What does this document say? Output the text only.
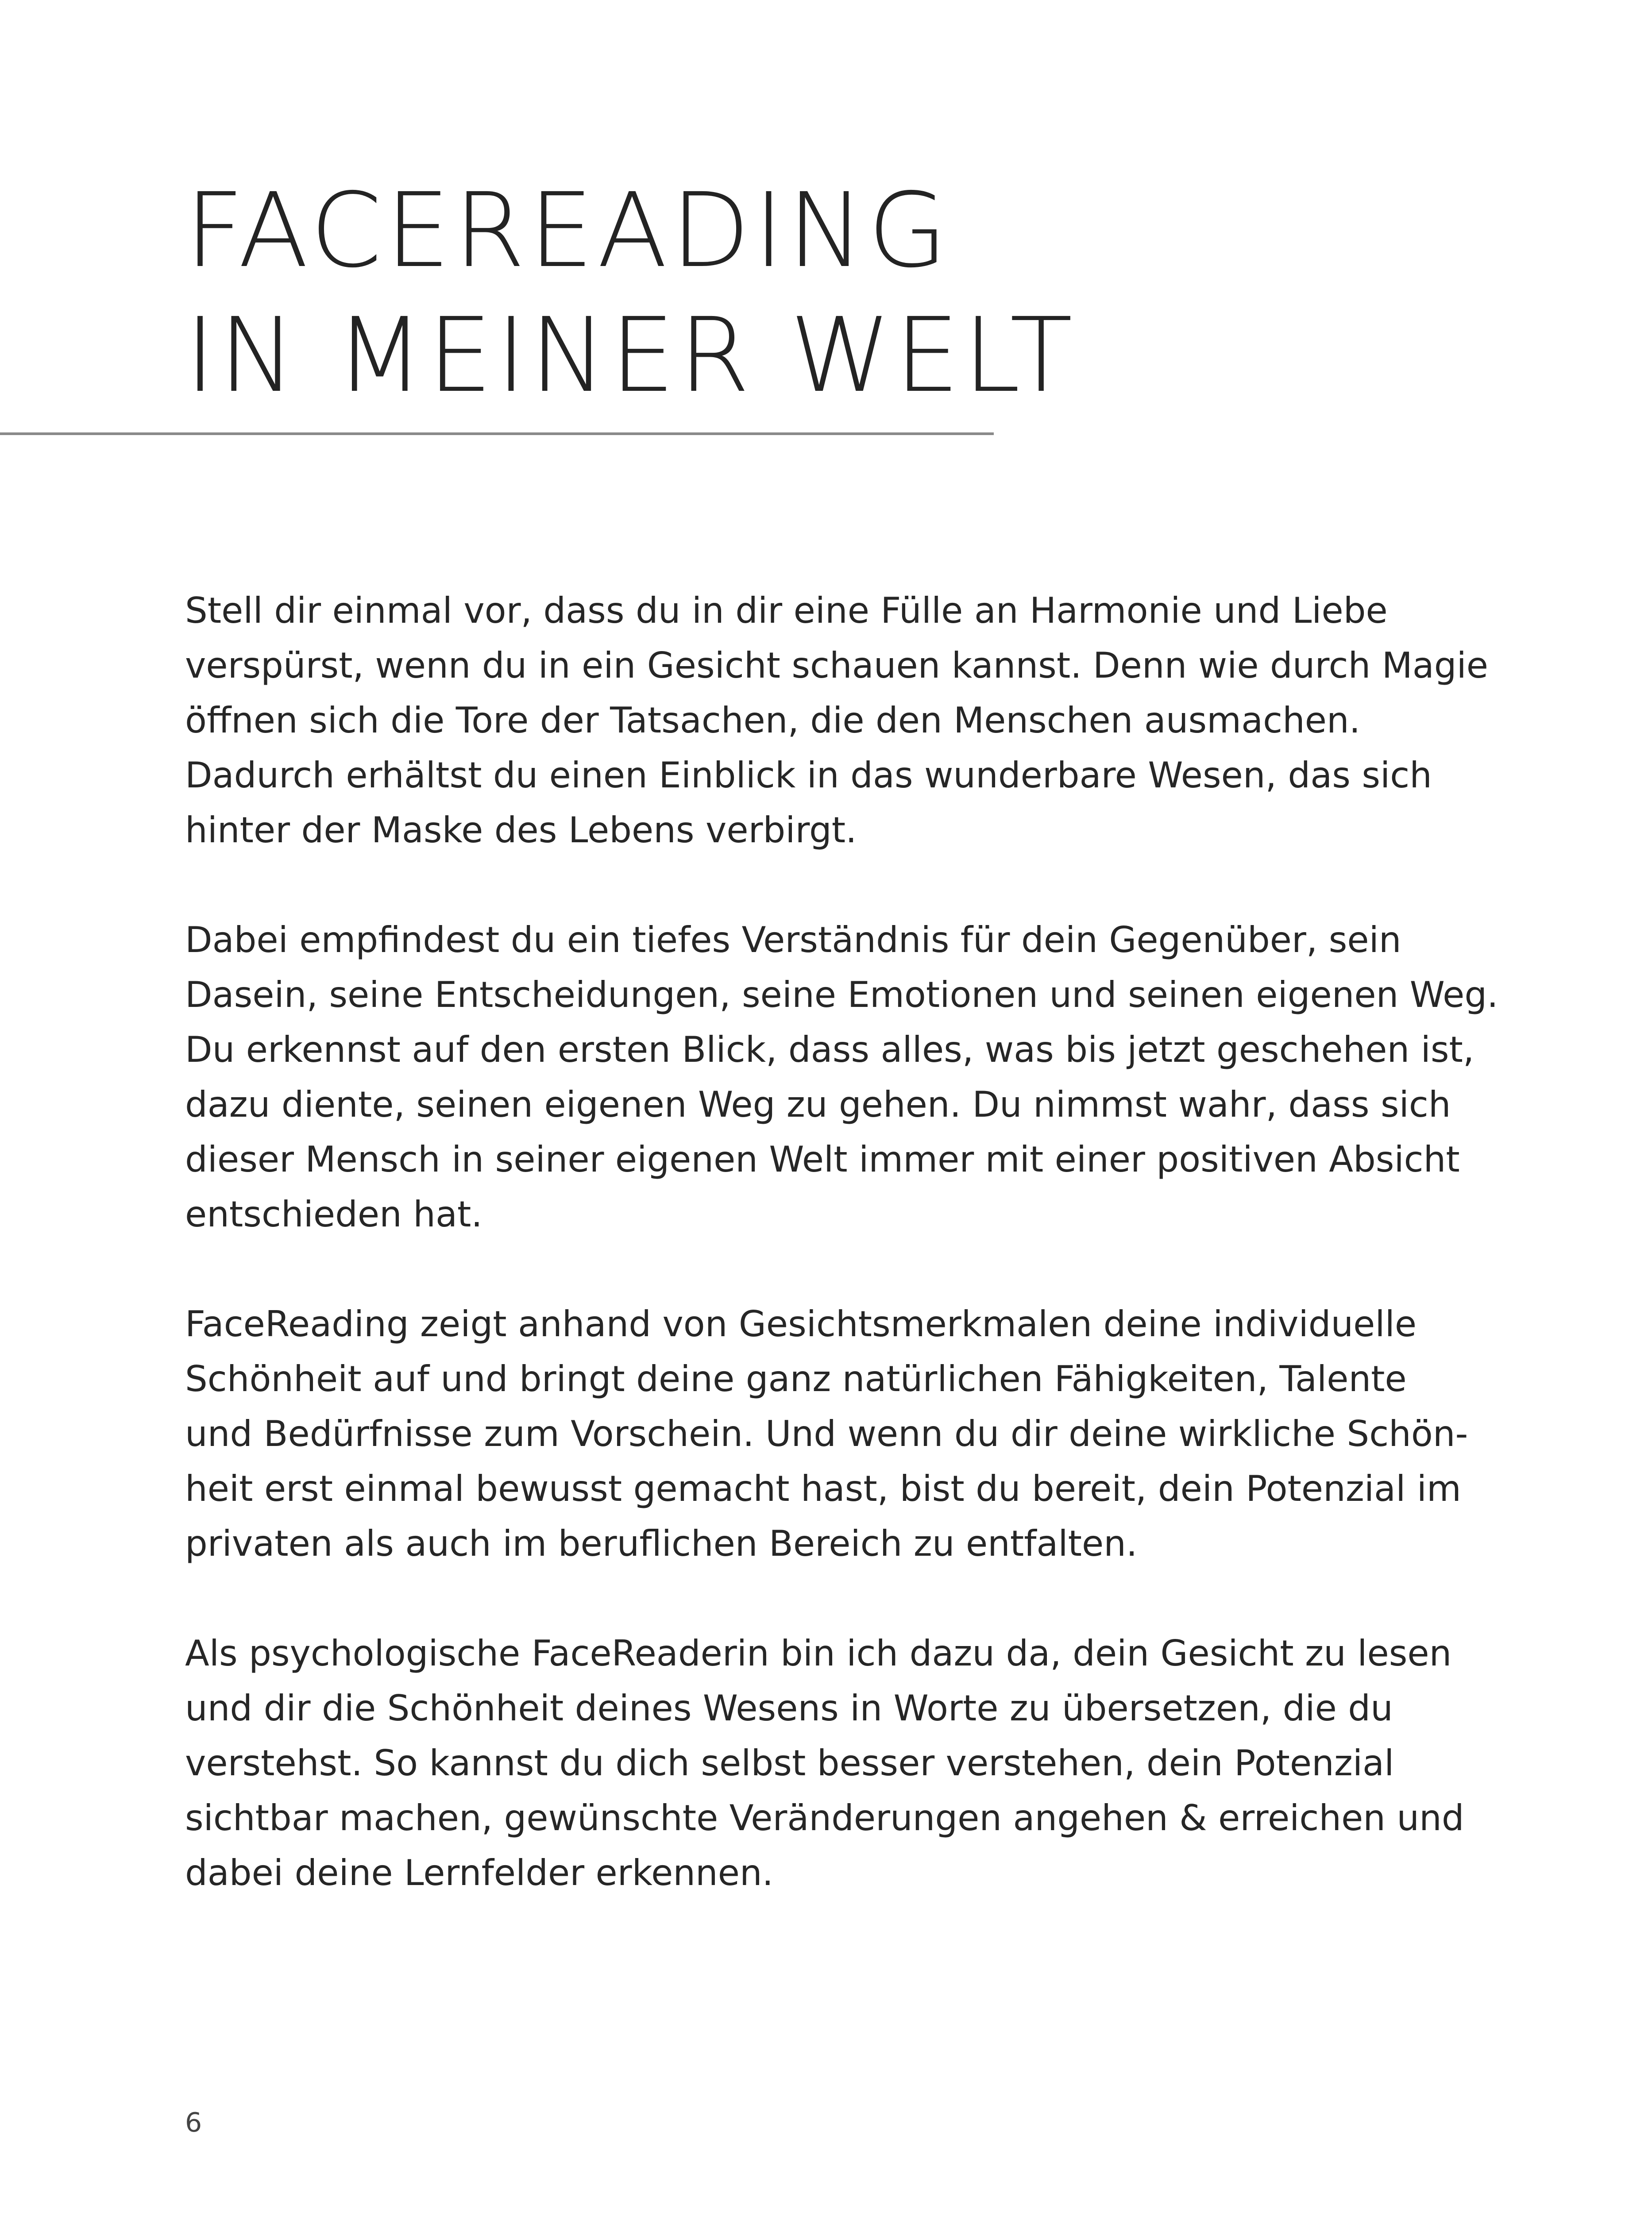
FACEREADING
IN MEINER WELT

Stell dir einmal vor, dass du in dir eine Fülle an Harmonie und Liebe
verspürst, wenn du in ein Gesicht schauen kannst. Denn wie durch Magie
öffnen sich die Tore der Tatsachen, die den Menschen ausmachen.
Dadurch erhältst du einen Einblick in das wunderbare Wesen, das sich
hinter der Maske des Lebens verbirgt.

Dabei empfindest du ein tiefes Verständnis für dein Gegenüber, sein
Dasein, seine Entscheidungen, seine Emotionen und seinen eigenen Weg.
Du erkennst auf den ersten Blick, dass alles, was bis jetzt geschehen ist,
dazu diente, seinen eigenen Weg zu gehen. Du nimmst wahr, dass sich
dieser Mensch in seiner eigenen Welt immer mit einer positiven Absicht
entschieden hat.

FaceReading zeigt anhand von Gesichtsmerkmalen deine individuelle
Schönheit auf und bringt deine ganz natürlichen Fähigkeiten, Talente
und Bedürfnisse zum Vorschein. Und wenn du dir deine wirkliche Schön-
heit erst einmal bewusst gemacht hast, bist du bereit, dein Potenzial im
privaten als auch im beruflichen Bereich zu entfalten.

Als psychologische FaceReaderin bin ich dazu da, dein Gesicht zu lesen
und dir die Schönheit deines Wesens in Worte zu übersetzen, die du
verstehst. So kannst du dich selbst besser verstehen, dein Potenzial
sichtbar machen, gewünschte Veränderungen angehen & erreichen und
dabei deine Lernfelder erkennen.

6
